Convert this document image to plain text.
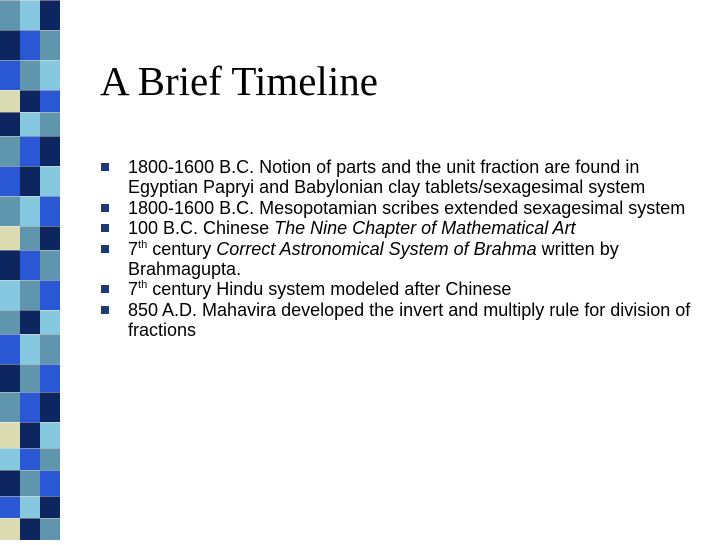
A Brief Timeline
1800-1600 B.C. Notion of parts and the unit fraction are found in Egyptian Papryi and Babylonian clay tablets/sexagesimal system
1800-1600 B.C. Mesopotamian scribes extended sexagesimal system
100 B.C. Chinese The Nine Chapter of Mathematical Art
7th century Correct Astronomical System of Brahma written by Brahmagupta.
7th century Hindu system modeled after Chinese
850 A.D. Mahavira developed the invert and multiply rule for division of fractions
